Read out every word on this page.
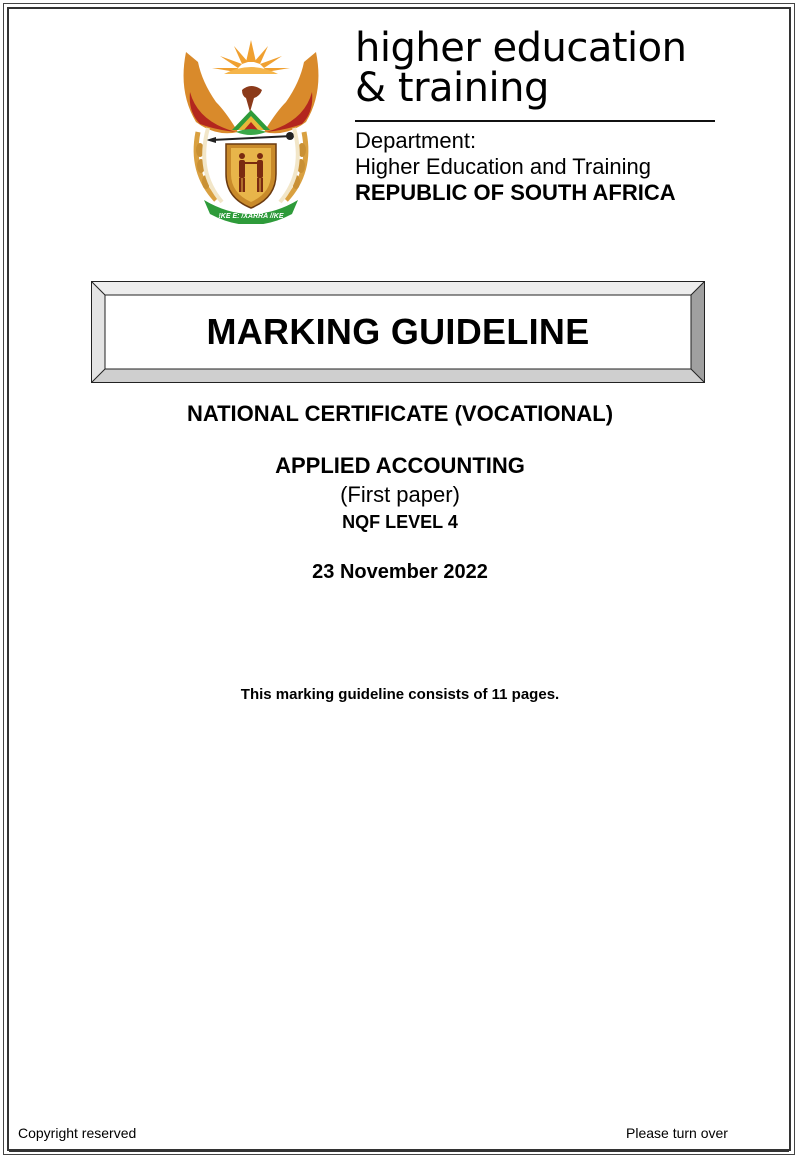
!KE E: /XARRA //KE
higher education
& training
Department:
Higher Education and Training
REPUBLIC OF SOUTH AFRICA
MARKING GUIDELINE
NATIONAL CERTIFICATE (VOCATIONAL)
APPLIED ACCOUNTING
(First paper)
NQF LEVEL 4
23 November 2022
This marking guideline consists of 11 pages.
Copyright reserved	Please turn over
